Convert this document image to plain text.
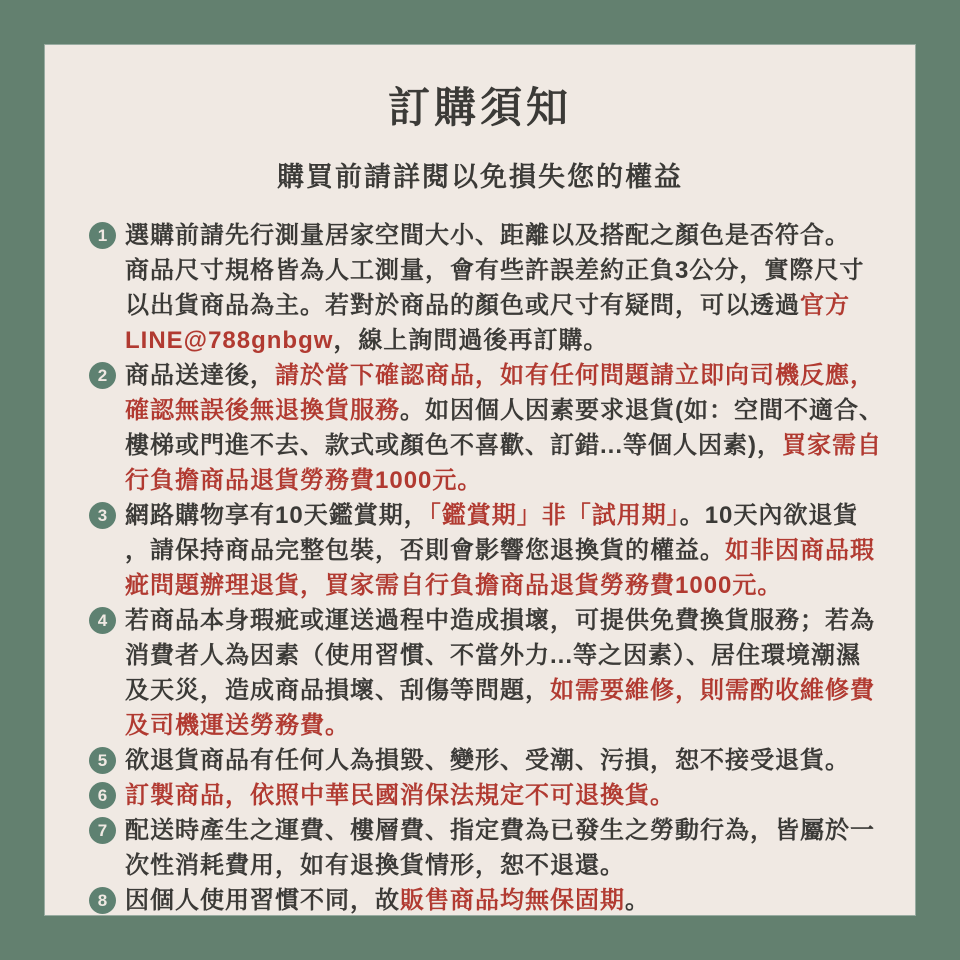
訂購須知
購買前請詳閱以免損失您的權益
1 選購前請先行測量居家空間大小、距離以及搭配之顏色是否符合。
商品尺寸規格皆為人工測量，會有些許誤差約正負3公分，實際尺寸
以出貨商品為主。若對於商品的顏色或尺寸有疑問，可以透過官方
LINE@788gnbgw，線上詢問過後再訂購。

2 商品送達後，請於當下確認商品，如有任何問題請立即向司機反應，
確認無誤後無退換貨服務。如因個人因素要求退貨(如：空間不適合、
樓梯或門進不去、款式或顏色不喜歡、訂錯...等個人因素)，買家需自
行負擔商品退貨勞務費1000元。

3 網路購物享有10天鑑賞期，「鑑賞期」非「試用期」。10天內欲退貨
，請保持商品完整包裝，否則會影響您退換貨的權益。如非因商品瑕
疵問題辦理退貨，買家需自行負擔商品退貨勞務費1000元。

4 若商品本身瑕疵或運送過程中造成損壞，可提供免費換貨服務；若為
消費者人為因素（使用習慣、不當外力...等之因素）、居住環境潮濕
及天災，造成商品損壞、刮傷等問題，如需要維修，則需酌收維修費
及司機運送勞務費。

5 欲退貨商品有任何人為損毀、變形、受潮、污損，恕不接受退貨。

6 訂製商品，依照中華民國消保法規定不可退換貨。

7 配送時產生之運費、樓層費、指定費為已發生之勞動行為，皆屬於一
次性消耗費用，如有退換貨情形，恕不退還。

8 因個人使用習慣不同，故販售商品均無保固期。
